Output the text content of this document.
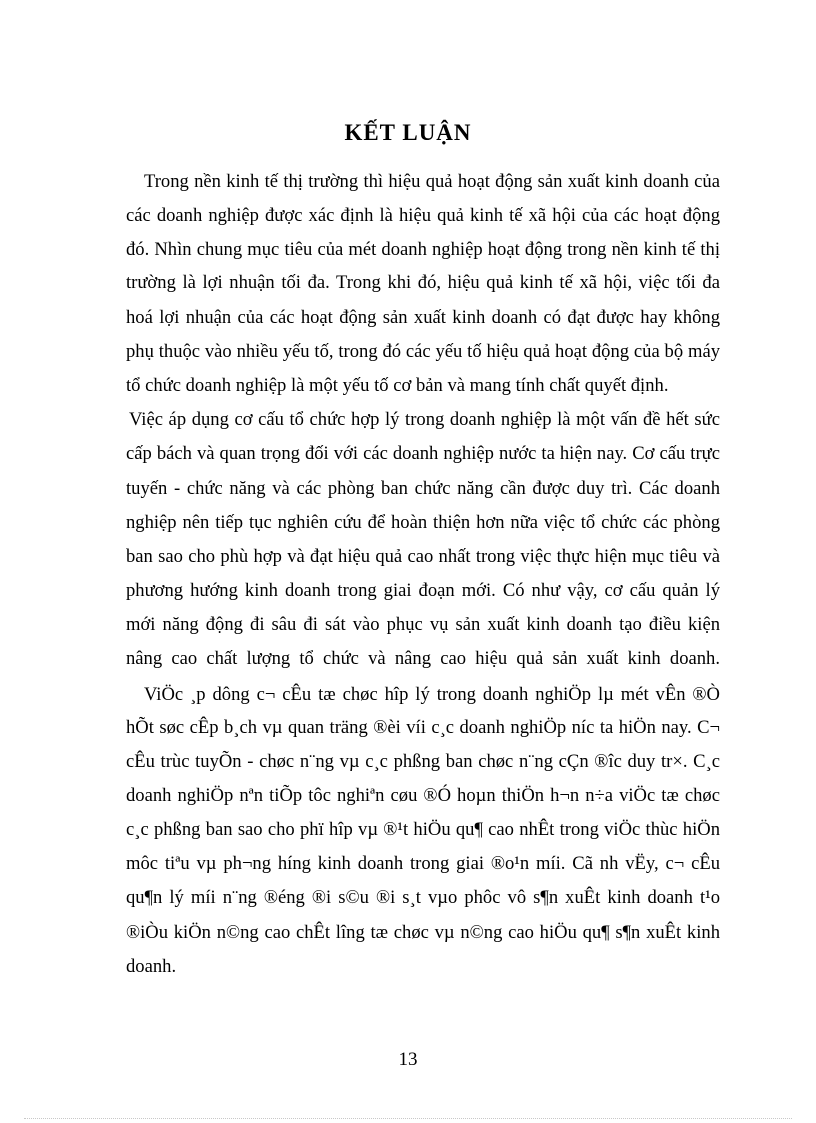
KẾT LUẬN
Trong nền kinh tế thị trường thì hiệu quả hoạt động sản xuất kinh doanh của
các doanh nghiệp được xác định là hiệu quả kinh tế xã hội của các hoạt động
đó. Nhìn chung mục tiêu của mét doanh nghiệp hoạt động trong nền kinh tế thị
trường là lợi nhuận tối đa. Trong khi đó, hiệu quả kinh tế xã hội, việc tối đa
hoá lợi nhuận của các hoạt động sản xuất kinh doanh có đạt được hay không
phụ thuộc vào nhiều yếu tố, trong đó các yếu tố hiệu quả hoạt động của bộ máy
tổ chức doanh nghiệp là một yếu tố cơ bản và mang tính chất quyết định.
Việc áp dụng cơ cấu tổ chức hợp lý trong doanh nghiệp là một vấn đề hết sức
cấp bách và quan trọng đối với các doanh nghiệp nước ta hiện nay. Cơ cấu trực
tuyến - chức năng và các phòng ban chức năng cần được duy trì. Các doanh
nghiệp nên tiếp tục nghiên cứu để hoàn thiện hơn nữa việc tổ chức các phòng
ban sao cho phù hợp và đạt hiệu quả cao nhất trong việc thực hiện mục tiêu và
phương hướng kinh doanh trong giai đoạn mới. Có như vậy, cơ cấu quản lý
mới năng động đi sâu đi sát vào phục vụ sản xuất kinh doanh tạo điều kiện
nâng cao chất lượng tổ chức và nâng cao hiệu quả sản xuất kinh doanh.
ViÖc ¸p dông c¬ cÊu tæ chøc hîp lý trong doanh nghiÖp lµ mét vÊn ®Ò
hÕt søc cÊp b¸ch vµ quan träng ®èi víi c¸c doanh nghiÖp níc ta hiÖn nay. C¬
cÊu trùc tuyÕn - chøc n¨ng vµ c¸c phßng ban chøc n¨ng cÇn ®îc duy tr×. C¸c
doanh nghiÖp nªn tiÕp tôc nghiªn cøu ®Ó hoµn thiÖn h¬n n÷a viÖc tæ chøc
c¸c phßng ban sao cho phï hîp vµ ®¹t hiÖu qu¶ cao nhÊt trong viÖc thùc hiÖn
môc tiªu vµ ph¬ng híng kinh doanh trong giai ®o¹n míi. Cã nh vËy, c¬ cÊu
qu¶n lý míi n¨ng ®éng ®i s©u ®i s¸t vµo phôc vô s¶n xuÊt kinh doanh t¹o
®iÒu kiÖn n©ng cao chÊt lîng tæ chøc vµ n©ng cao hiÖu qu¶ s¶n xuÊt kinh
doanh.
13
